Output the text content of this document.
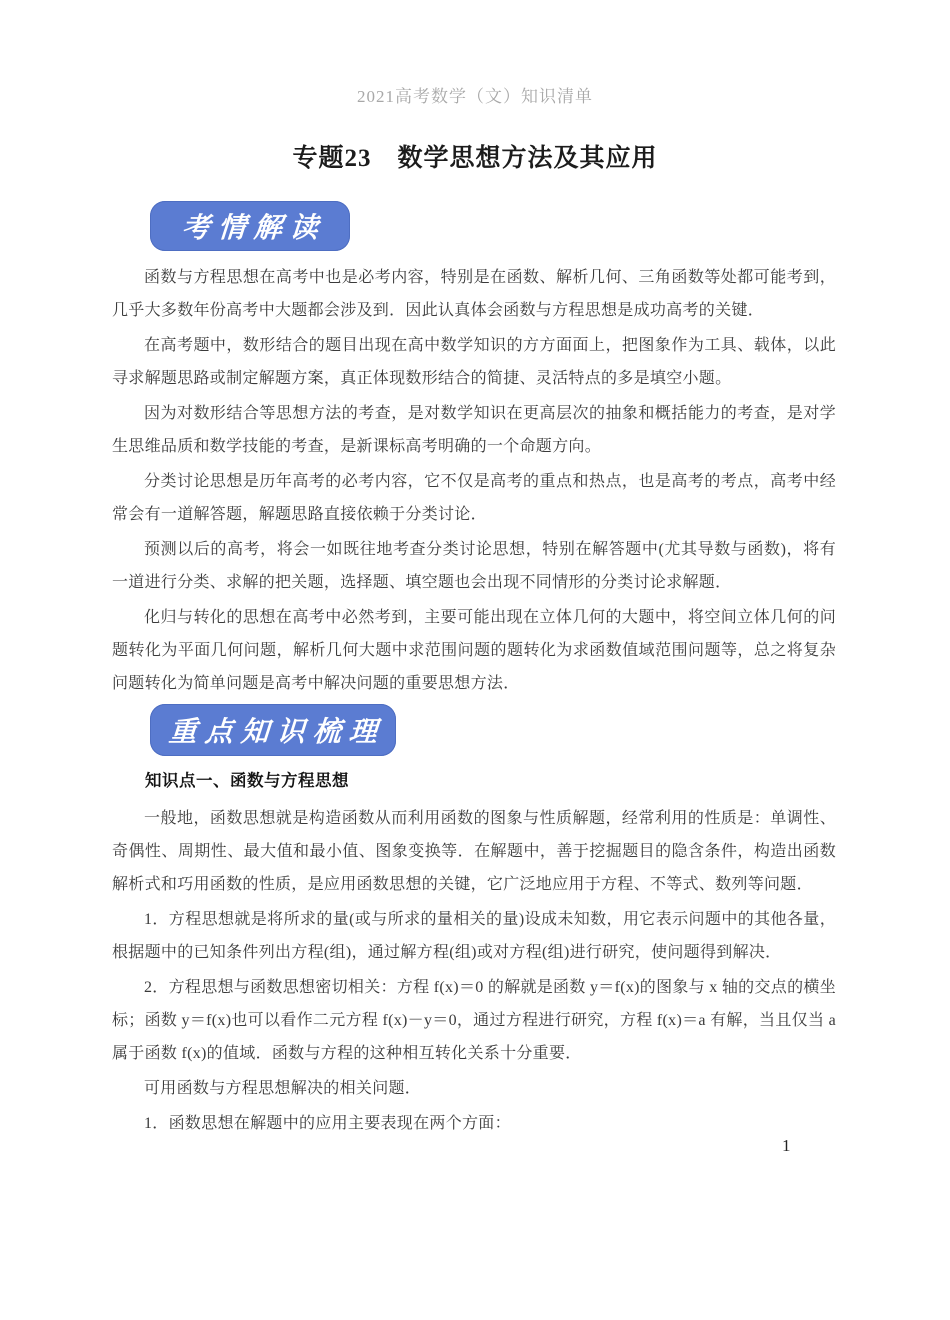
2021高考数学（文）知识清单
专题23　数学思想方法及其应用
考情解读

函数与方程思想在高考中也是必考内容，特别是在函数、解析几何、三角函数等处都可能考到，几乎大多数年份高考中大题都会涉及到．因此认真体会函数与方程思想是成功高考的关键．

在高考题中，数形结合的题目出现在高中数学知识的方方面面上，把图象作为工具、载体，以此寻求解题思路或制定解题方案，真正体现数形结合的简捷、灵活特点的多是填空小题。

因为对数形结合等思想方法的考查，是对数学知识在更高层次的抽象和概括能力的考查，是对学生思维品质和数学技能的考查，是新课标高考明确的一个命题方向。

分类讨论思想是历年高考的必考内容，它不仅是高考的重点和热点，也是高考的考点，高考中经常会有一道解答题，解题思路直接依赖于分类讨论．

预测以后的高考，将会一如既往地考查分类讨论思想，特别在解答题中(尤其导数与函数)，将有一道进行分类、求解的把关题，选择题、填空题也会出现不同情形的分类讨论求解题．

化归与转化的思想在高考中必然考到，主要可能出现在立体几何的大题中，将空间立体几何的问题转化为平面几何问题，解析几何大题中求范围问题的题转化为求函数值域范围问题等，总之将复杂问题转化为简单问题是高考中解决问题的重要思想方法．

重点知识梳理
知识点一、函数与方程思想

一般地，函数思想就是构造函数从而利用函数的图象与性质解题，经常利用的性质是：单调性、奇偶性、周期性、最大值和最小值、图象变换等．在解题中，善于挖掘题目的隐含条件，构造出函数解析式和巧用函数的性质，是应用函数思想的关键，它广泛地应用于方程、不等式、数列等问题．

1．方程思想就是将所求的量(或与所求的量相关的量)设成未知数，用它表示问题中的其他各量，根据题中的已知条件列出方程(组)，通过解方程(组)或对方程(组)进行研究，使问题得到解决．

2．方程思想与函数思想密切相关：方程 f(x)＝0 的解就是函数 y＝f(x)的图象与 x 轴的交点的横坐标；函数 y＝f(x)也可以看作二元方程 f(x)－y＝0，通过方程进行研究，方程 f(x)＝a 有解，当且仅当 a 属于函数 f(x)的值域．函数与方程的这种相互转化关系十分重要．

可用函数与方程思想解决的相关问题．

1．函数思想在解题中的应用主要表现在两个方面：

1
